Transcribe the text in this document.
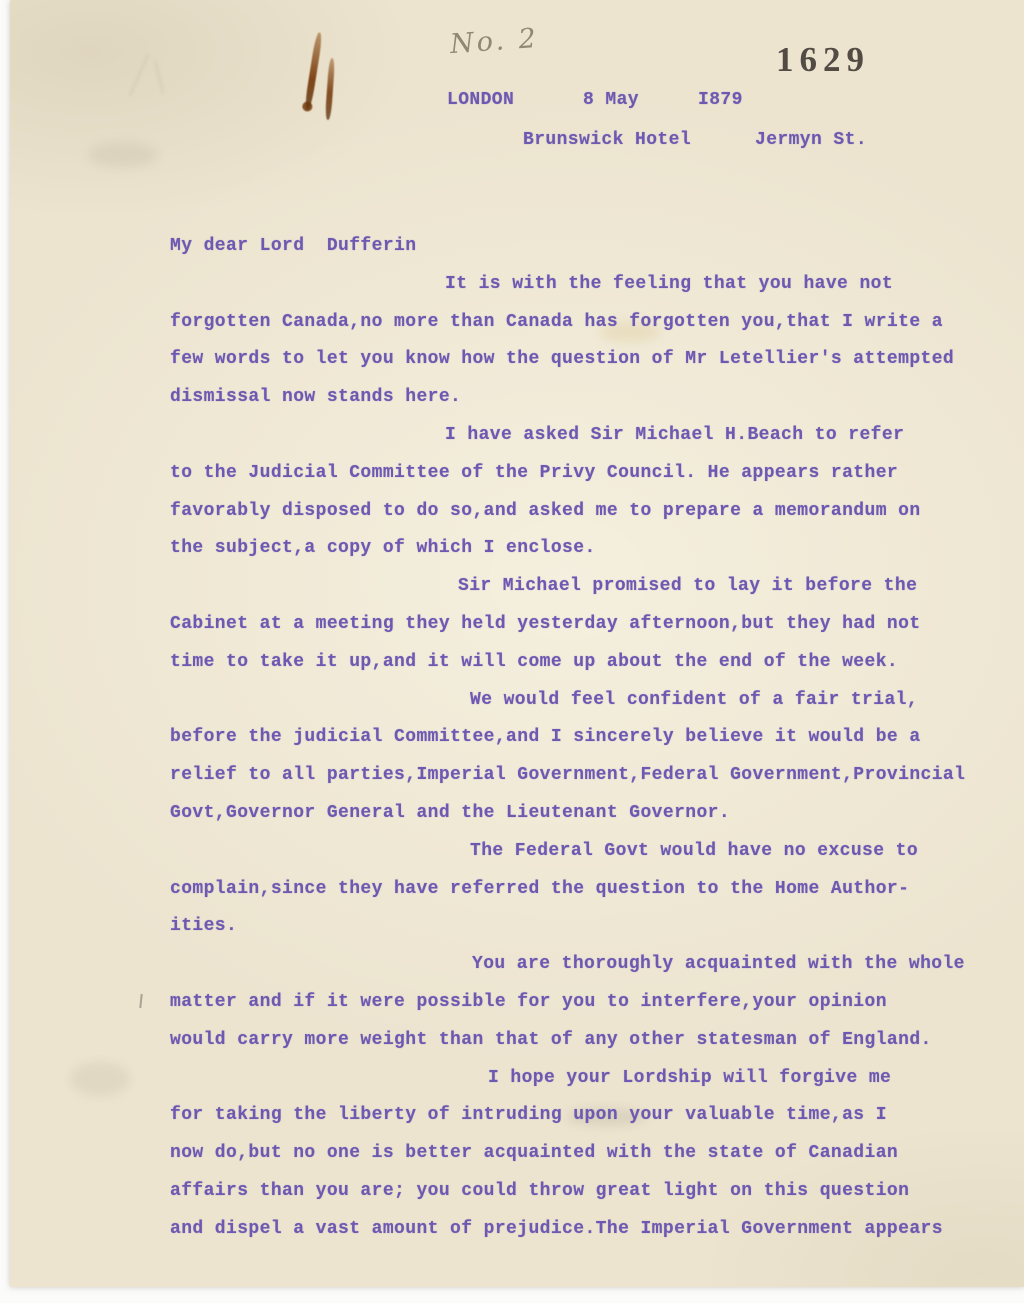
No. 2	1629
LONDON	8 May	I879
Brunswick Hotel	Jermyn St.
My dear Lord  Dufferin
It is with the feeling that you have not
forgotten Canada,no more than Canada has forgotten you,that I write a
few words to let you know how the question of Mr Letellier's attempted
dismissal now stands here.
I have asked Sir Michael H.Beach to refer
to the Judicial Committee of the Privy Council. He appears rather
favorably disposed to do so,and asked me to prepare a memorandum on
the subject,a copy of which I enclose.
Sir Michael promised to lay it before the
Cabinet at a meeting they held yesterday afternoon,but they had not
time to take it up,and it will come up about the end of the week.
We would feel confident of a fair trial,
before the judicial Committee,and I sincerely believe it would be a
relief to all parties,Imperial Government,Federal Government,Provincial
Govt,Governor General and the Lieutenant Governor.
The Federal Govt would have no excuse to
complain,since they have referred the question to the Home Author-
ities.
You are thoroughly acquainted with the whole
matter and if it were possible for you to interfere,your opinion
would carry more weight than that of any other statesman of England.
I hope your Lordship will forgive me
for taking the liberty of intruding upon your valuable time,as I
now do,but no one is better acquainted with the state of Canadian
affairs than you are; you could throw great light on this question
and dispel a vast amount of prejudice.The Imperial Government appears
